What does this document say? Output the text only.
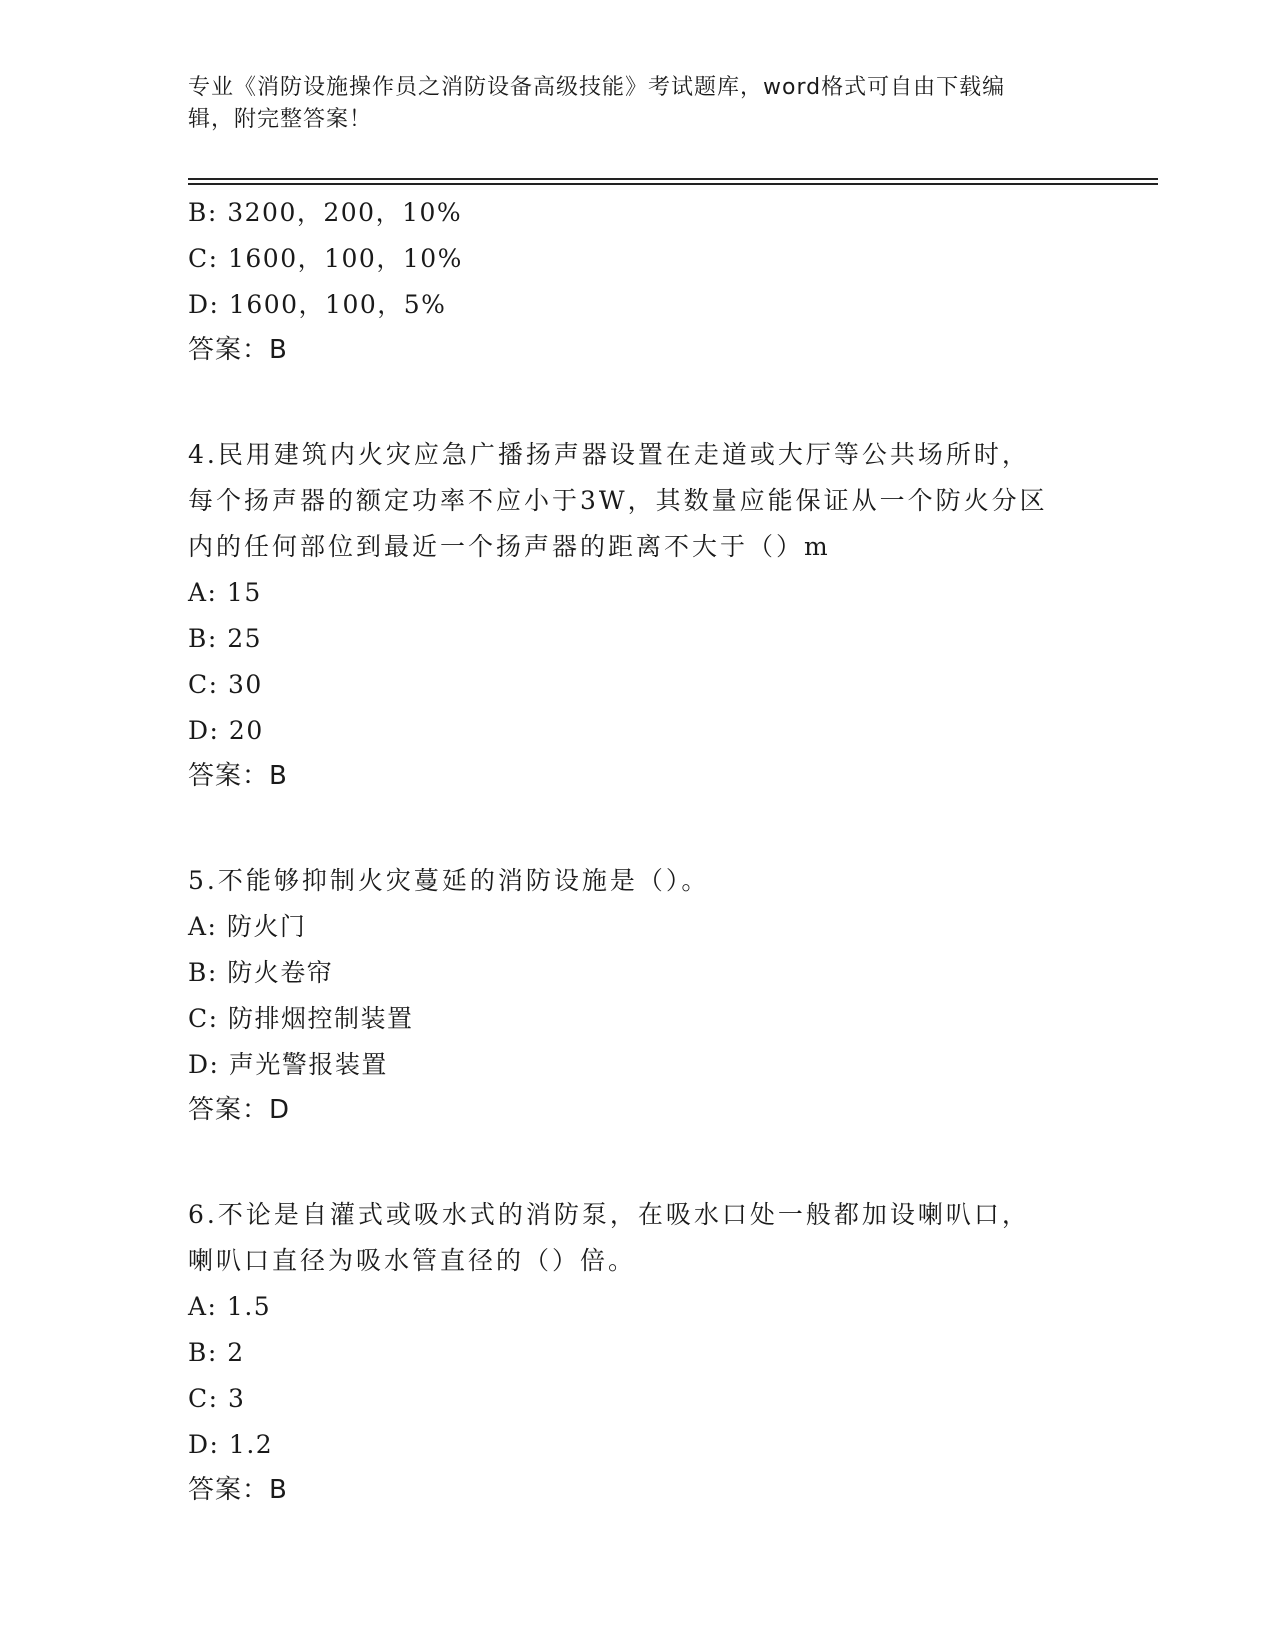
专业《消防设施操作员之消防设备高级技能》考试题库，word格式可自由下载编
辑，附完整答案！
B: 3200，200，10%
C: 1600，100，10%
D: 1600，100，5%
答案：B
4.民用建筑内火灾应急广播扬声器设置在走道或大厅等公共场所时，
每个扬声器的额定功率不应小于3W，其数量应能保证从一个防火分区
内的任何部位到最近一个扬声器的距离不大于（）m
A: 15
B: 25
C: 30
D: 20
答案：B
5.不能够抑制火灾蔓延的消防设施是（）。
A: 防火门
B: 防火卷帘
C: 防排烟控制装置
D: 声光警报装置
答案：D
6.不论是自灌式或吸水式的消防泵，在吸水口处一般都加设喇叭口，
喇叭口直径为吸水管直径的（）倍。
A: 1.5
B: 2
C: 3
D: 1.2
答案：B
